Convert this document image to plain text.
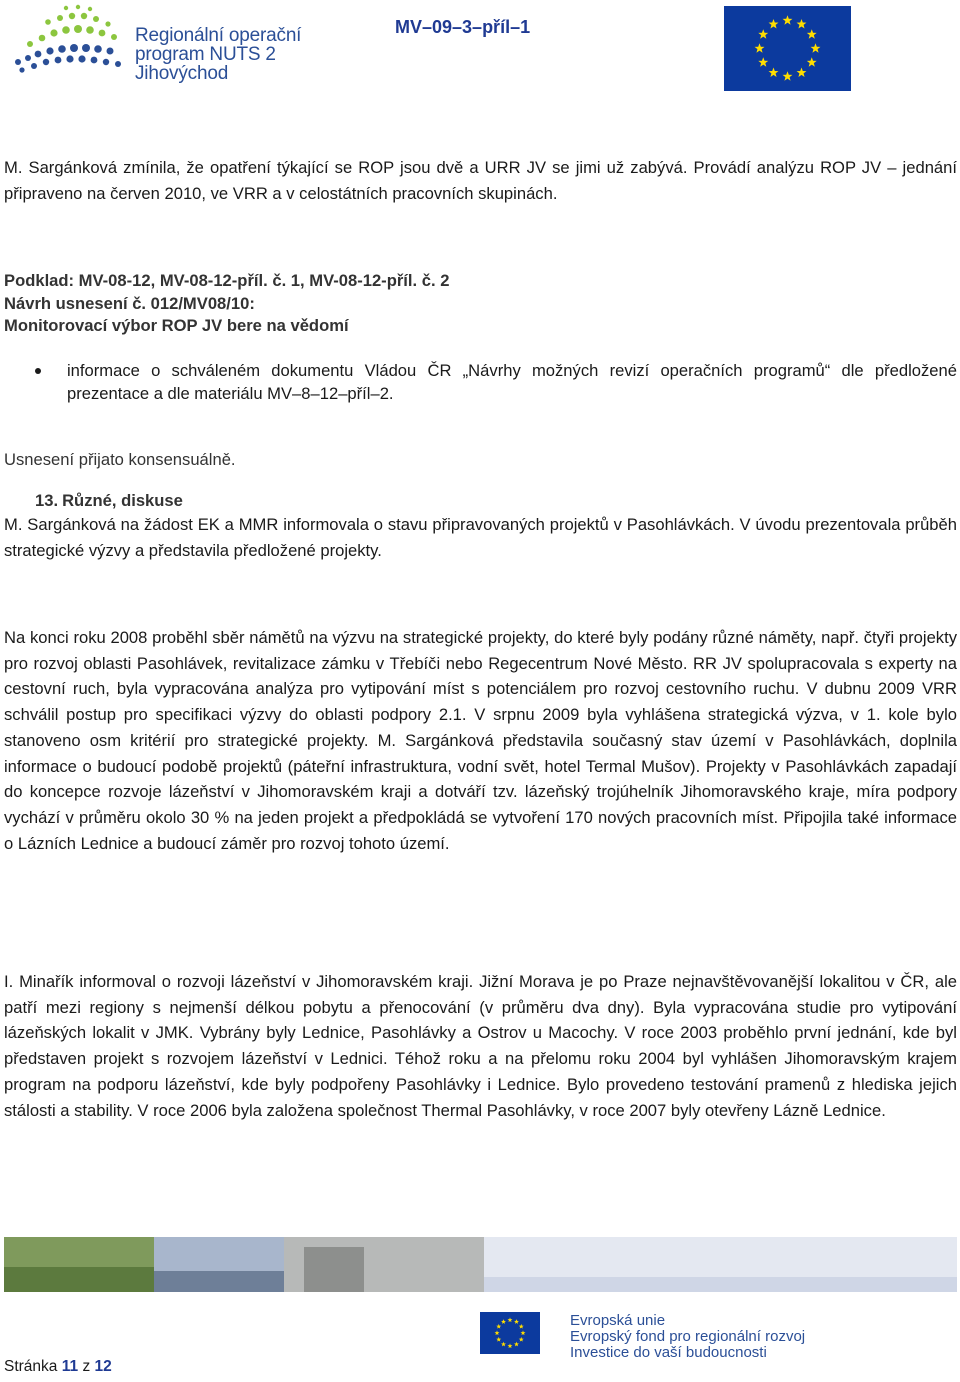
Regionální operační
program NUTS 2
Jihovýchod
MV–09–3–příl–1

M. Sargánková zmínila, že opatření týkající se ROP jsou dvě a URR JV se jimi už zabývá. Provádí analýzu ROP JV – jednání připraveno na červen 2010, ve VRR a v celostátních pracovních skupinách.

Podklad: MV-08-12, MV-08-12-příl. č. 1, MV-08-12-příl. č. 2
Návrh usnesení č. 012/MV08/10:
Monitorovací výbor ROP JV bere na vědomí
informace o schváleném dokumentu Vládou ČR „Návrhy možných revizí operačních programů“ dle předložené prezentace a dle materiálu MV–8–12–příl–2.
Usnesení přijato konsensuálně.
13. Různé, diskuse

M. Sargánková na žádost EK a MMR informovala o stavu připravovaných projektů v Pasohlávkách. V úvodu prezentovala průběh strategické výzvy a představila předložené projekty.

Na konci roku 2008 proběhl sběr námětů na výzvu na strategické projekty, do které byly podány různé náměty, např. čtyři projekty pro rozvoj oblasti Pasohlávek, revitalizace zámku v Třebíči nebo Regecentrum Nové Město. RR JV spolupracovala s experty na cestovní ruch, byla vypracována analýza pro vytipování míst s potenciálem pro rozvoj cestovního ruchu. V dubnu 2009 VRR schválil postup pro specifikaci výzvy do oblasti podpory 2.1. V srpnu 2009 byla vyhlášena strategická výzva, v 1. kole bylo stanoveno osm kritérií pro strategické projekty. M. Sargánková představila současný stav území v Pasohlávkách, doplnila informace o budoucí podobě projektů (páteřní infrastruktura, vodní svět, hotel Termal Mušov). Projekty v Pasohlávkách zapadají do koncepce rozvoje lázeňství v Jihomoravském kraji a dotváří tzv. lázeňský trojúhelník Jihomoravského kraje, míra podpory vychází v průměru okolo 30 % na jeden projekt a předpokládá se vytvoření 170 nových pracovních míst. Připojila také informace o Lázních Lednice a budoucí záměr pro rozvoj tohoto území.

I. Minařík informoval o rozvoji lázeňství v Jihomoravském kraji. Jižní Morava je po Praze nejnavštěvovanější lokalitou v ČR, ale patří mezi regiony s nejmenší délkou pobytu a přenocování (v průměru dva dny). Byla vypracována studie pro vytipování lázeňských lokalit v JMK. Vybrány byly Lednice, Pasohlávky a Ostrov u Macochy. V roce 2003 proběhlo první jednání, kde byl představen projekt s rozvojem lázeňství v Lednici. Téhož roku a na přelomu roku 2004 byl vyhlášen Jihomoravským krajem program na podporu lázeňství, kde byly podpořeny Pasohlávky i Lednice. Bylo provedeno testování pramenů z hlediska jejich stálosti a stability. V roce 2006 byla založena společnost Thermal Pasohlávky, v roce 2007 byly otevřeny Lázně Lednice.

Evropská unie
Evropský fond pro regionální rozvoj
Investice do vaší budoucnosti
Stránka 11 z 12
